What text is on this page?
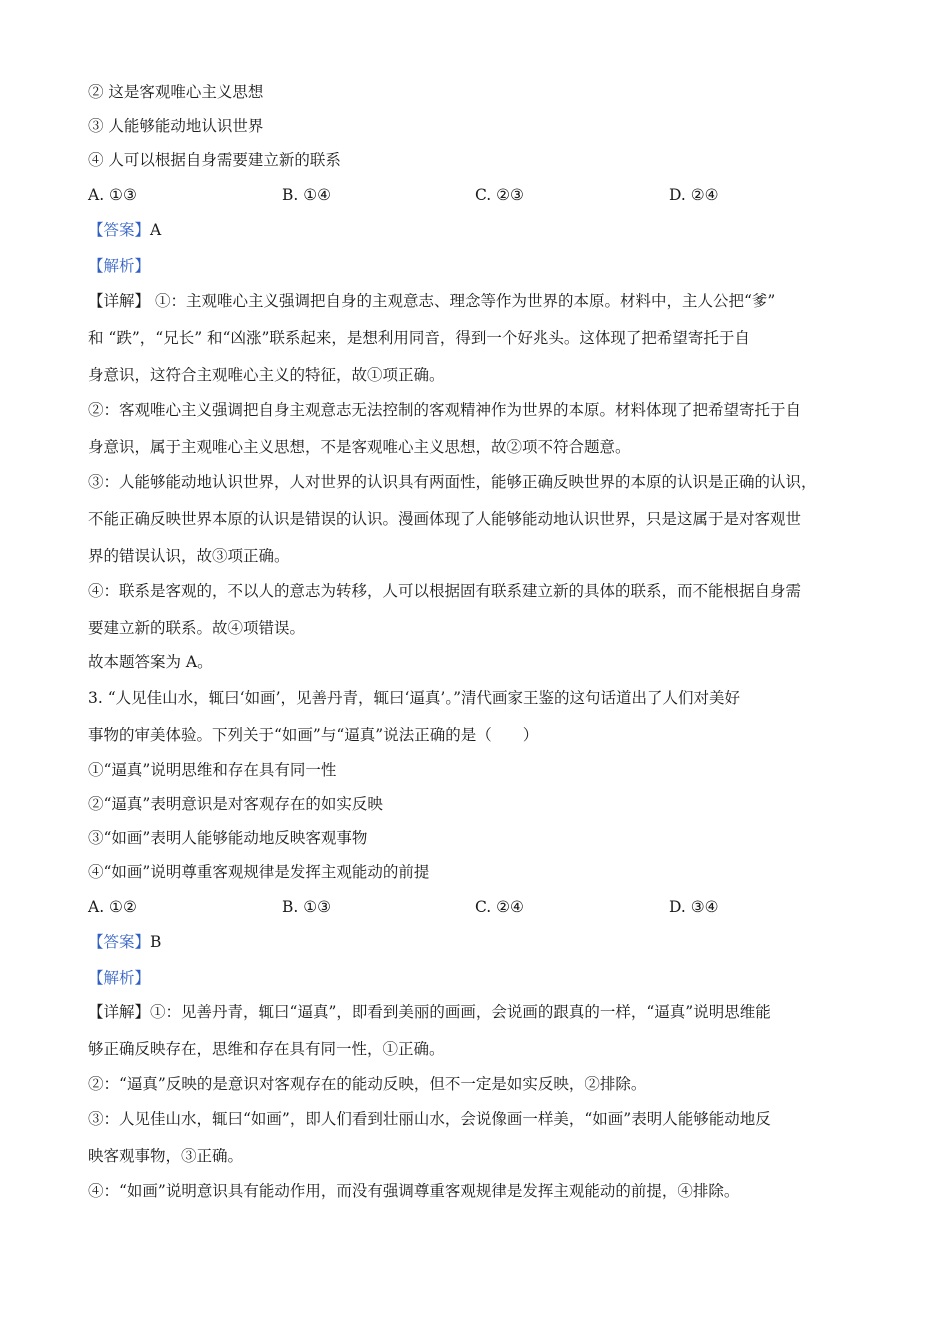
② 这是客观唯心主义思想
③ 人能够能动地认识世界
④ 人可以根据自身需要建立新的联系
A. ①③	B. ①④	C. ②③	D. ②④
【答案】A
【解析】
【详解】 ①：主观唯心主义强调把自身的主观意志、理念等作为世界的本原。材料中，主人公把“爹”
和 “跌”，“兄长” 和“凶涨”联系起来，是想利用同音，得到一个好兆头。这体现了把希望寄托于自
身意识，这符合主观唯心主义的特征，故①项正确。
②：客观唯心主义强调把自身主观意志无法控制的客观精神作为世界的本原。材料体现了把希望寄托于自
身意识，属于主观唯心主义思想，不是客观唯心主义思想，故②项不符合题意。
③：人能够能动地认识世界，人对世界的认识具有两面性，能够正确反映世界的本原的认识是正确的认识，
不能正确反映世界本原的认识是错误的认识。漫画体现了人能够能动地认识世界，只是这属于是对客观世
界的错误认识，故③项正确。
④：联系是客观的，不以人的意志为转移，人可以根据固有联系建立新的具体的联系，而不能根据自身需
要建立新的联系。故④项错误。
故本题答案为 A。
3. “人见佳山水，辄曰‘如画’，见善丹青，辄曰‘逼真’。”清代画家王鉴的这句话道出了人们对美好
事物的审美体验。下列关于“如画”与“逼真”说法正确的是（　　）
①“逼真”说明思维和存在具有同一性
②“逼真”表明意识是对客观存在的如实反映
③“如画”表明人能够能动地反映客观事物
④“如画”说明尊重客观规律是发挥主观能动的前提
A. ①②	B. ①③	C. ②④	D. ③④
【答案】B
【解析】
【详解】①：见善丹青，辄曰“逼真”，即看到美丽的画画，会说画的跟真的一样，“逼真”说明思维能
够正确反映存在，思维和存在具有同一性，①正确。
②：“逼真”反映的是意识对客观存在的能动反映，但不一定是如实反映，②排除。
③：人见佳山水，辄曰“如画”，即人们看到壮丽山水，会说像画一样美，“如画”表明人能够能动地反
映客观事物，③正确。
④：“如画”说明意识具有能动作用，而没有强调尊重客观规律是发挥主观能动的前提，④排除。
